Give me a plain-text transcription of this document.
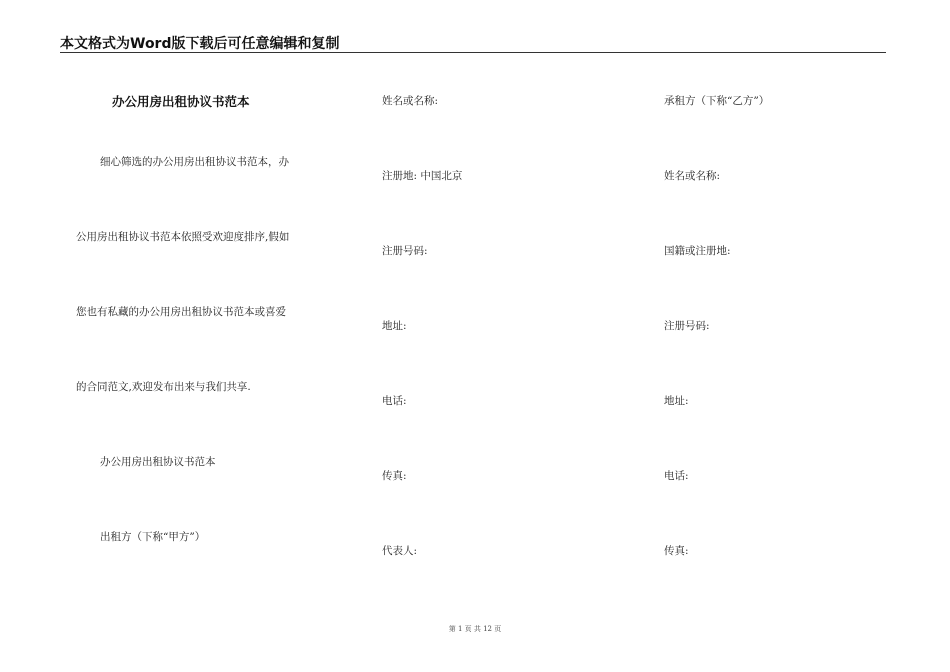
本文格式为Word版下载后可任意编辑和复制
办公用房出租协议书范本
细心筛选的办公用房出租协议书范本，办
公用房出租协议书范本依照受欢迎度排序,假如
您也有私藏的办公用房出租协议书范本或喜爱
的合同范文,欢迎发布出来与我们共享.
办公用房出租协议书范本
出租方（下称“甲方”）
姓名或名称:
注册地: 中国北京
注册号码:
地址:
电话:
传真:
代表人:
承租方（下称“乙方”）
姓名或名称:
国籍或注册地:
注册号码:
地址:
电话:
传真:
第 1 页 共 12 页
